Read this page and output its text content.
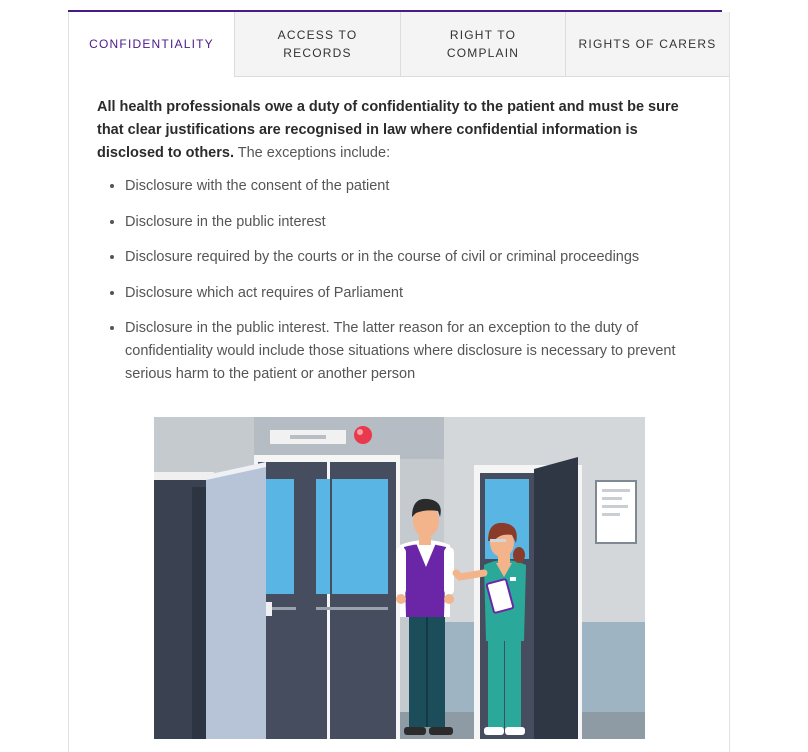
CONFIDENTIALITY
ACCESS TO RECORDS
RIGHT TO COMPLAIN
RIGHTS OF CARERS

All health professionals owe a duty of confidentiality to the patient and must be sure that clear justifications are recognised in law where confidential information is disclosed to others. The exceptions include:

• Disclosure with the consent of the patient
• Disclosure in the public interest
• Disclosure required by the courts or in the course of civil or criminal proceedings
• Disclosure which act requires of Parliament
• Disclosure in the public interest. The latter reason for an exception to the duty of confidentiality would include those situations where disclosure is necessary to prevent serious harm to the patient or another person
